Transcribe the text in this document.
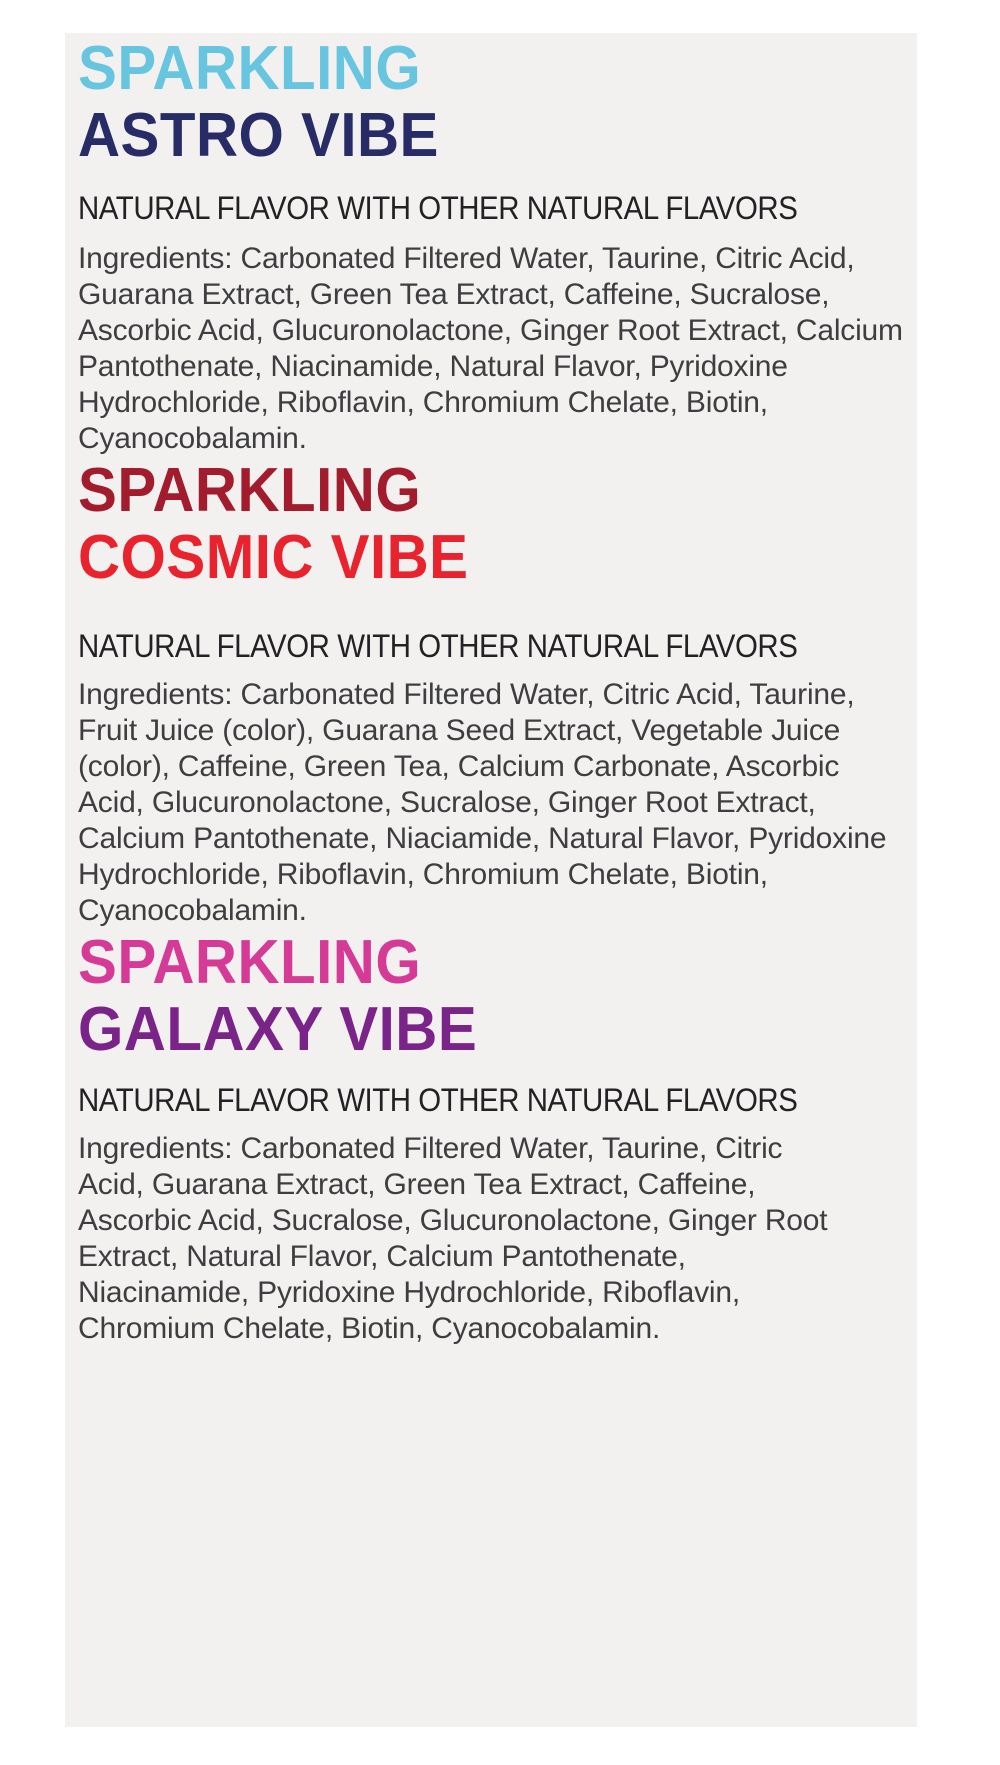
SPARKLING
ASTRO VIBE

NATURAL FLAVOR WITH OTHER NATURAL FLAVORS

Ingredients: Carbonated Filtered Water, Taurine, Citric Acid, Guarana Extract, Green Tea Extract, Caffeine, Sucralose, Ascorbic Acid, Glucuronolactone, Ginger Root Extract, Calcium Pantothenate, Niacinamide, Natural Flavor, Pyridoxine Hydrochloride, Riboflavin, Chromium Chelate, Biotin, Cyanocobalamin.

SPARKLING
COSMIC VIBE

NATURAL FLAVOR WITH OTHER NATURAL FLAVORS

Ingredients: Carbonated Filtered Water, Citric Acid, Taurine, Fruit Juice (color), Guarana Seed Extract, Vegetable Juice (color), Caffeine, Green Tea, Calcium Carbonate, Ascorbic Acid, Glucuronolactone, Sucralose, Ginger Root Extract, Calcium Pantothenate, Niaciamide, Natural Flavor, Pyridoxine Hydrochloride, Riboflavin, Chromium Chelate, Biotin, Cyanocobalamin.

SPARKLING
GALAXY VIBE

NATURAL FLAVOR WITH OTHER NATURAL FLAVORS

Ingredients: Carbonated Filtered Water, Taurine, Citric Acid, Guarana Extract, Green Tea Extract, Caffeine, Ascorbic Acid, Sucralose, Glucuronolactone, Ginger Root Extract, Natural Flavor, Calcium Pantothenate, Niacinamide, Pyridoxine Hydrochloride, Riboflavin, Chromium Chelate, Biotin, Cyanocobalamin.
